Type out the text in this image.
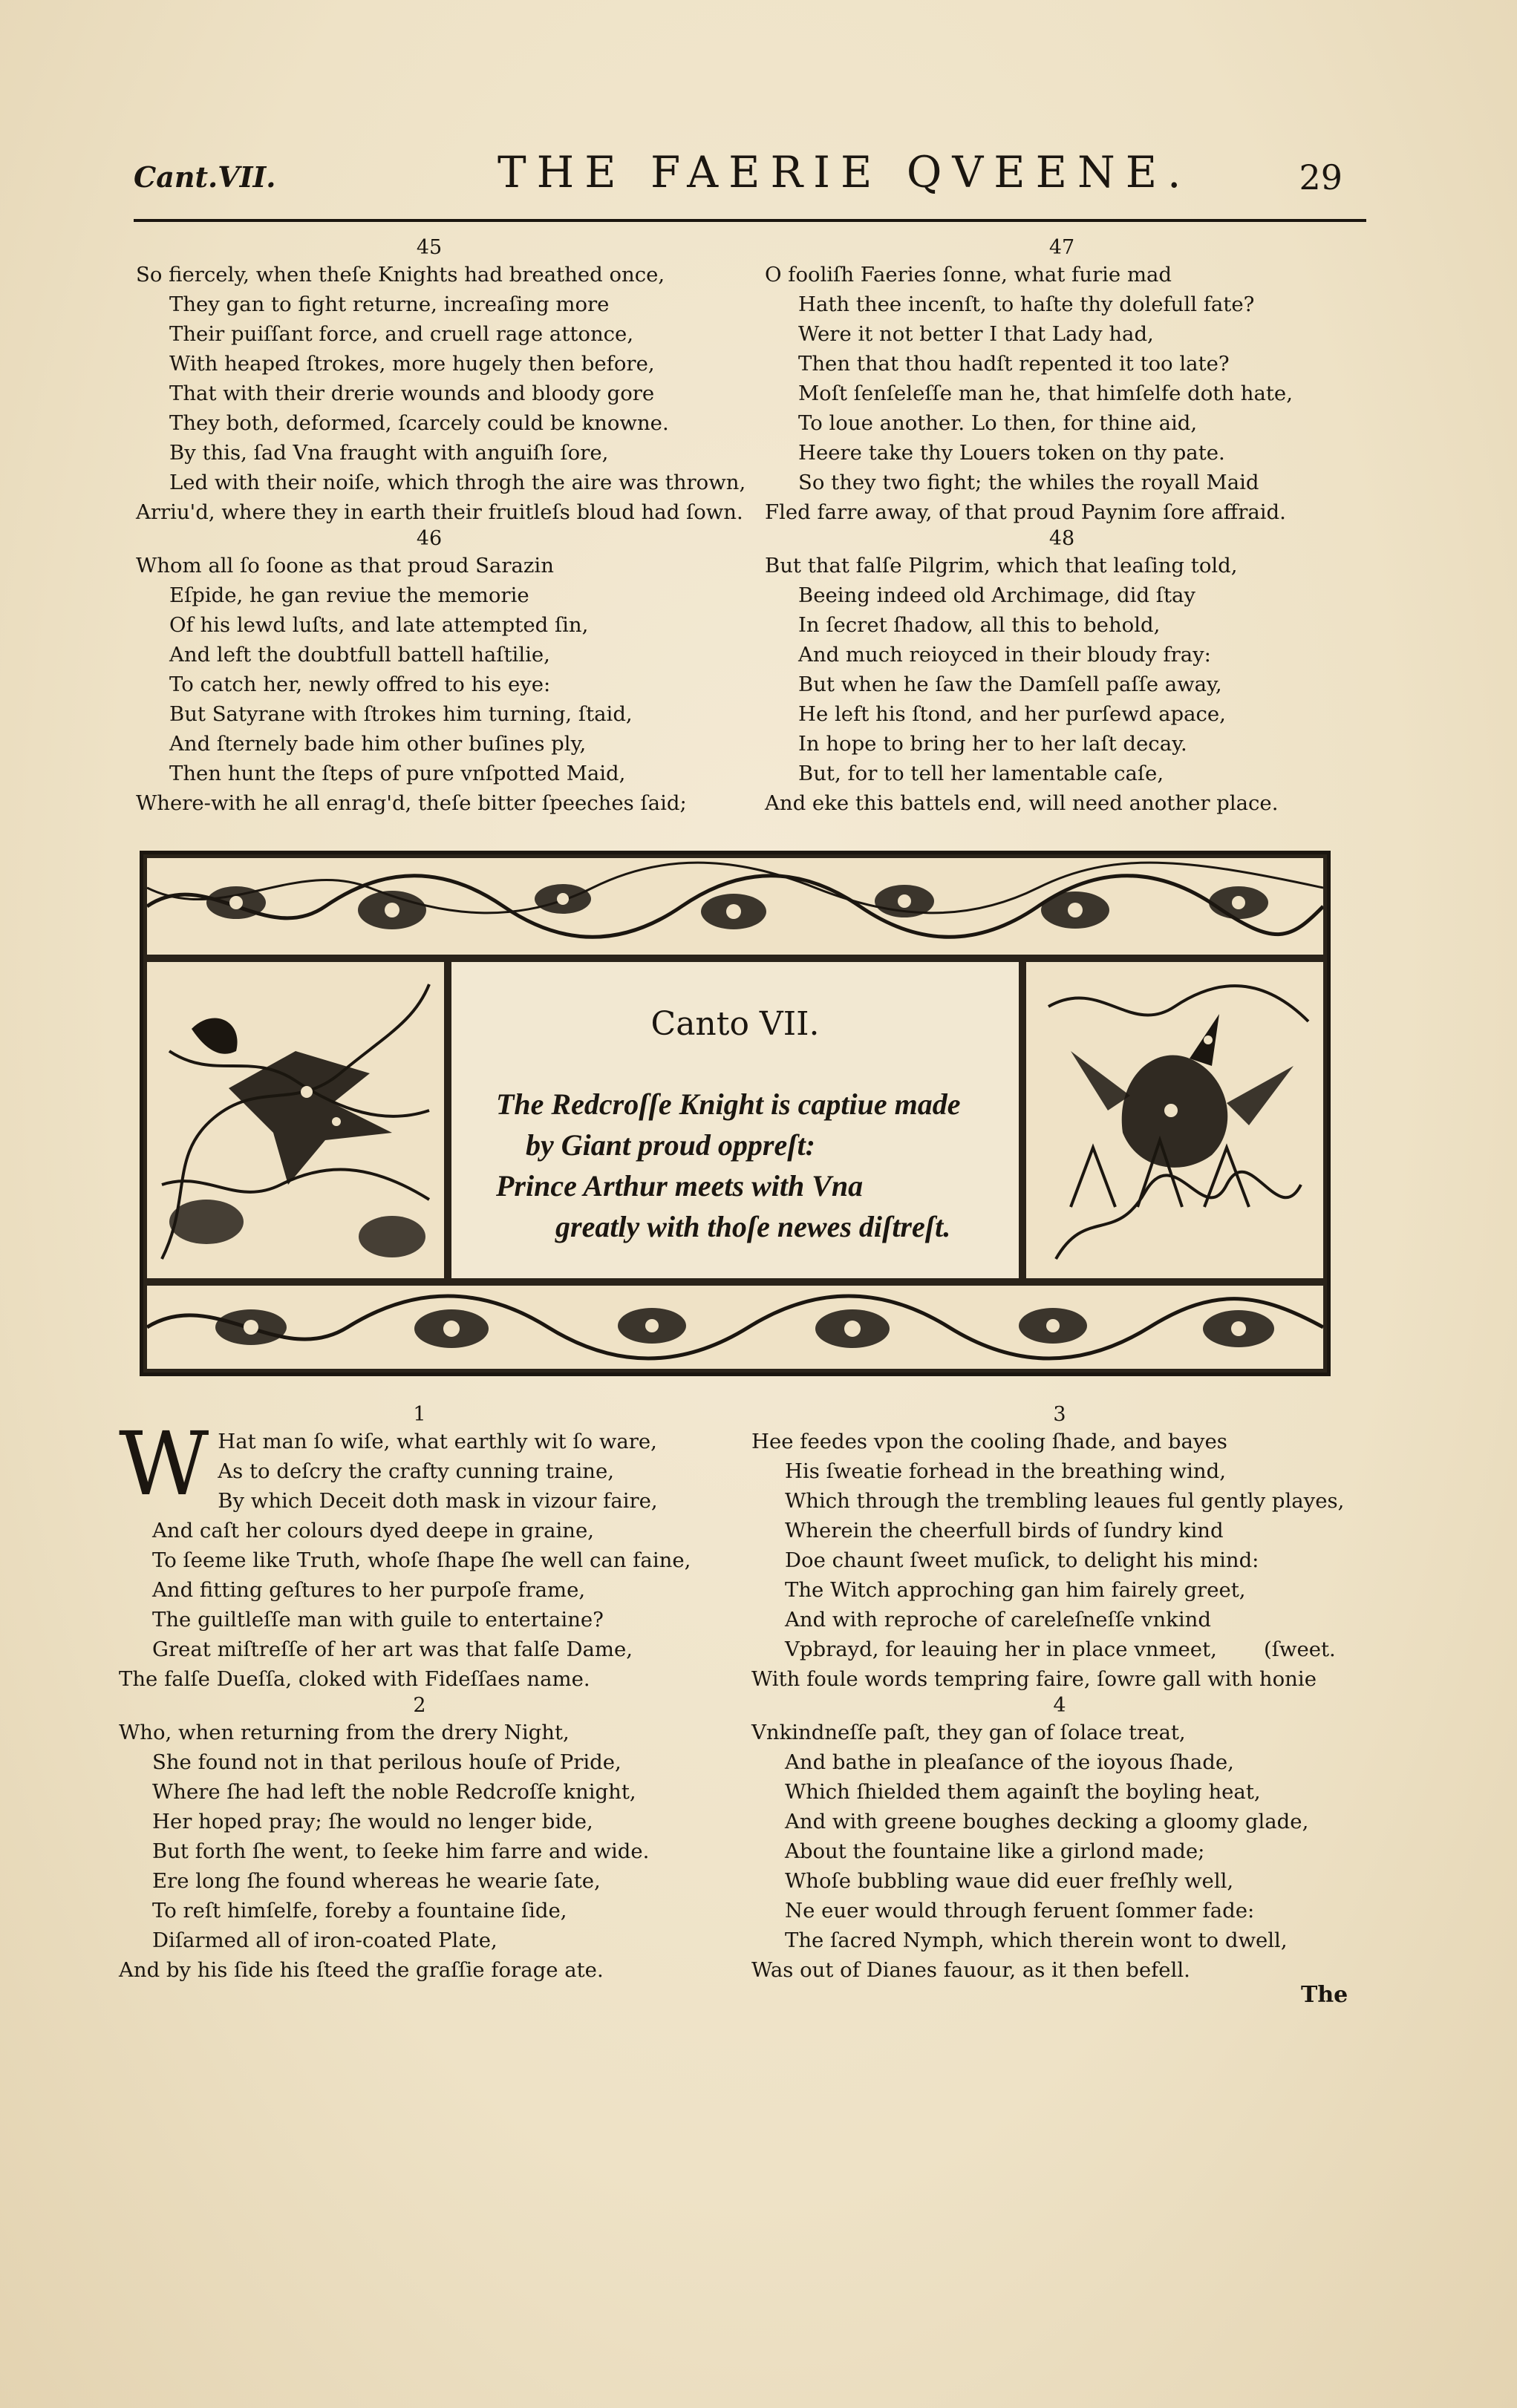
Cant.VII.	THE FAERIE QVEENE.	29
45
So fiercely, when theſe Knights had breathed once,
They gan to fight returne, increaſing more
Their puiſſant force, and cruell rage attonce,
With heaped ſtrokes, more hugely then before,
That with their drerie wounds and bloody gore
They both, deformed, ſcarcely could be knowne.
By this, ſad Vna fraught with anguiſh ſore,
Led with their noiſe, which throgh the aire was thrown,
Arriu'd, where they in earth their fruitleſs bloud had ſown.
46
Whom all ſo ſoone as that proud Sarazin
Eſpide, he gan reviue the memorie
Of his lewd luſts, and late attempted ſin,
And left the doubtfull battell haſtilie,
To catch her, newly offred to his eye:
But Satyrane with ſtrokes him turning, ſtaid,
And ſternely bade him other buſines ply,
Then hunt the ſteps of pure vnſpotted Maid,
Where-with he all enrag'd, theſe bitter ſpeeches ſaid;
47
O fooliſh Faeries ſonne, what furie mad
Hath thee incenſt, to haſte thy dolefull fate?
Were it not better I that Lady had,
Then that thou hadſt repented it too late?
Moſt ſenſeleſſe man he, that himſelfe doth hate,
To loue another. Lo then, for thine aid,
Heere take thy Louers token on thy pate.
So they two fight; the whiles the royall Maid
Fled farre away, of that proud Paynim ſore affraid.
48
But that falſe Pilgrim, which that leaſing told,
Beeing indeed old Archimage, did ſtay
In ſecret ſhadow, all this to behold,
And much reioyced in their bloudy fray:
But when he ſaw the Damſell paſſe away,
He left his ſtond, and her purſewd apace,
In hope to bring her to her laſt decay.
But, for to tell her lamentable caſe,
And eke this battels end, will need another place.
Canto VII.
The Redcroſſe Knight is captiue made
by Giant proud oppreſt:
Prince Arthur meets with Vna
greatly with thoſe newes diſtreſt.
1
W Hat man ſo wiſe, what earthly wit ſo ware,
As to deſcry the crafty cunning traine,
By which Deceit doth mask in vizour faire,
And caſt her colours dyed deepe in graine,
To ſeeme like Truth, whoſe ſhape ſhe well can faine,
And fitting geſtures to her purpoſe frame,
The guiltleſſe man with guile to entertaine?
Great miſtreſſe of her art was that falſe Dame,
The falſe Dueſſa, cloked with Fideſſaes name.
2
Who, when returning from the drery Night,
She found not in that perilous houſe of Pride,
Where ſhe had left the noble Redcroſſe knight,
Her hoped pray; ſhe would no lenger bide,
But forth ſhe went, to ſeeke him farre and wide.
Ere long ſhe found whereas he wearie ſate,
To reſt himſelfe, foreby a fountaine ſide,
Diſarmed all of iron-coated Plate,
And by his ſide his ſteed the graſſie forage ate.
3
Hee feedes vpon the cooling ſhade, and bayes
His ſweatie forhead in the breathing wind,
Which through the trembling leaues ful gently playes,
Wherein the cheerfull birds of ſundry kind
Doe chaunt ſweet muſick, to delight his mind:
The Witch approching gan him fairely greet,
And with reproche of careleſneſſe vnkind
Vpbrayd, for leauing her in place vnmeet, (ſweet.
With foule words tempring faire, ſowre gall with honie
4
Vnkindneſſe paſt, they gan of ſolace treat,
And bathe in pleaſance of the ioyous ſhade,
Which ſhielded them againſt the boyling heat,
And with greene boughes decking a gloomy glade,
About the fountaine like a girlond made;
Whoſe bubbling waue did euer freſhly well,
Ne euer would through feruent ſommer fade:
The ſacred Nymph, which therein wont to dwell,
Was out of Dianes fauour, as it then befell.
The
